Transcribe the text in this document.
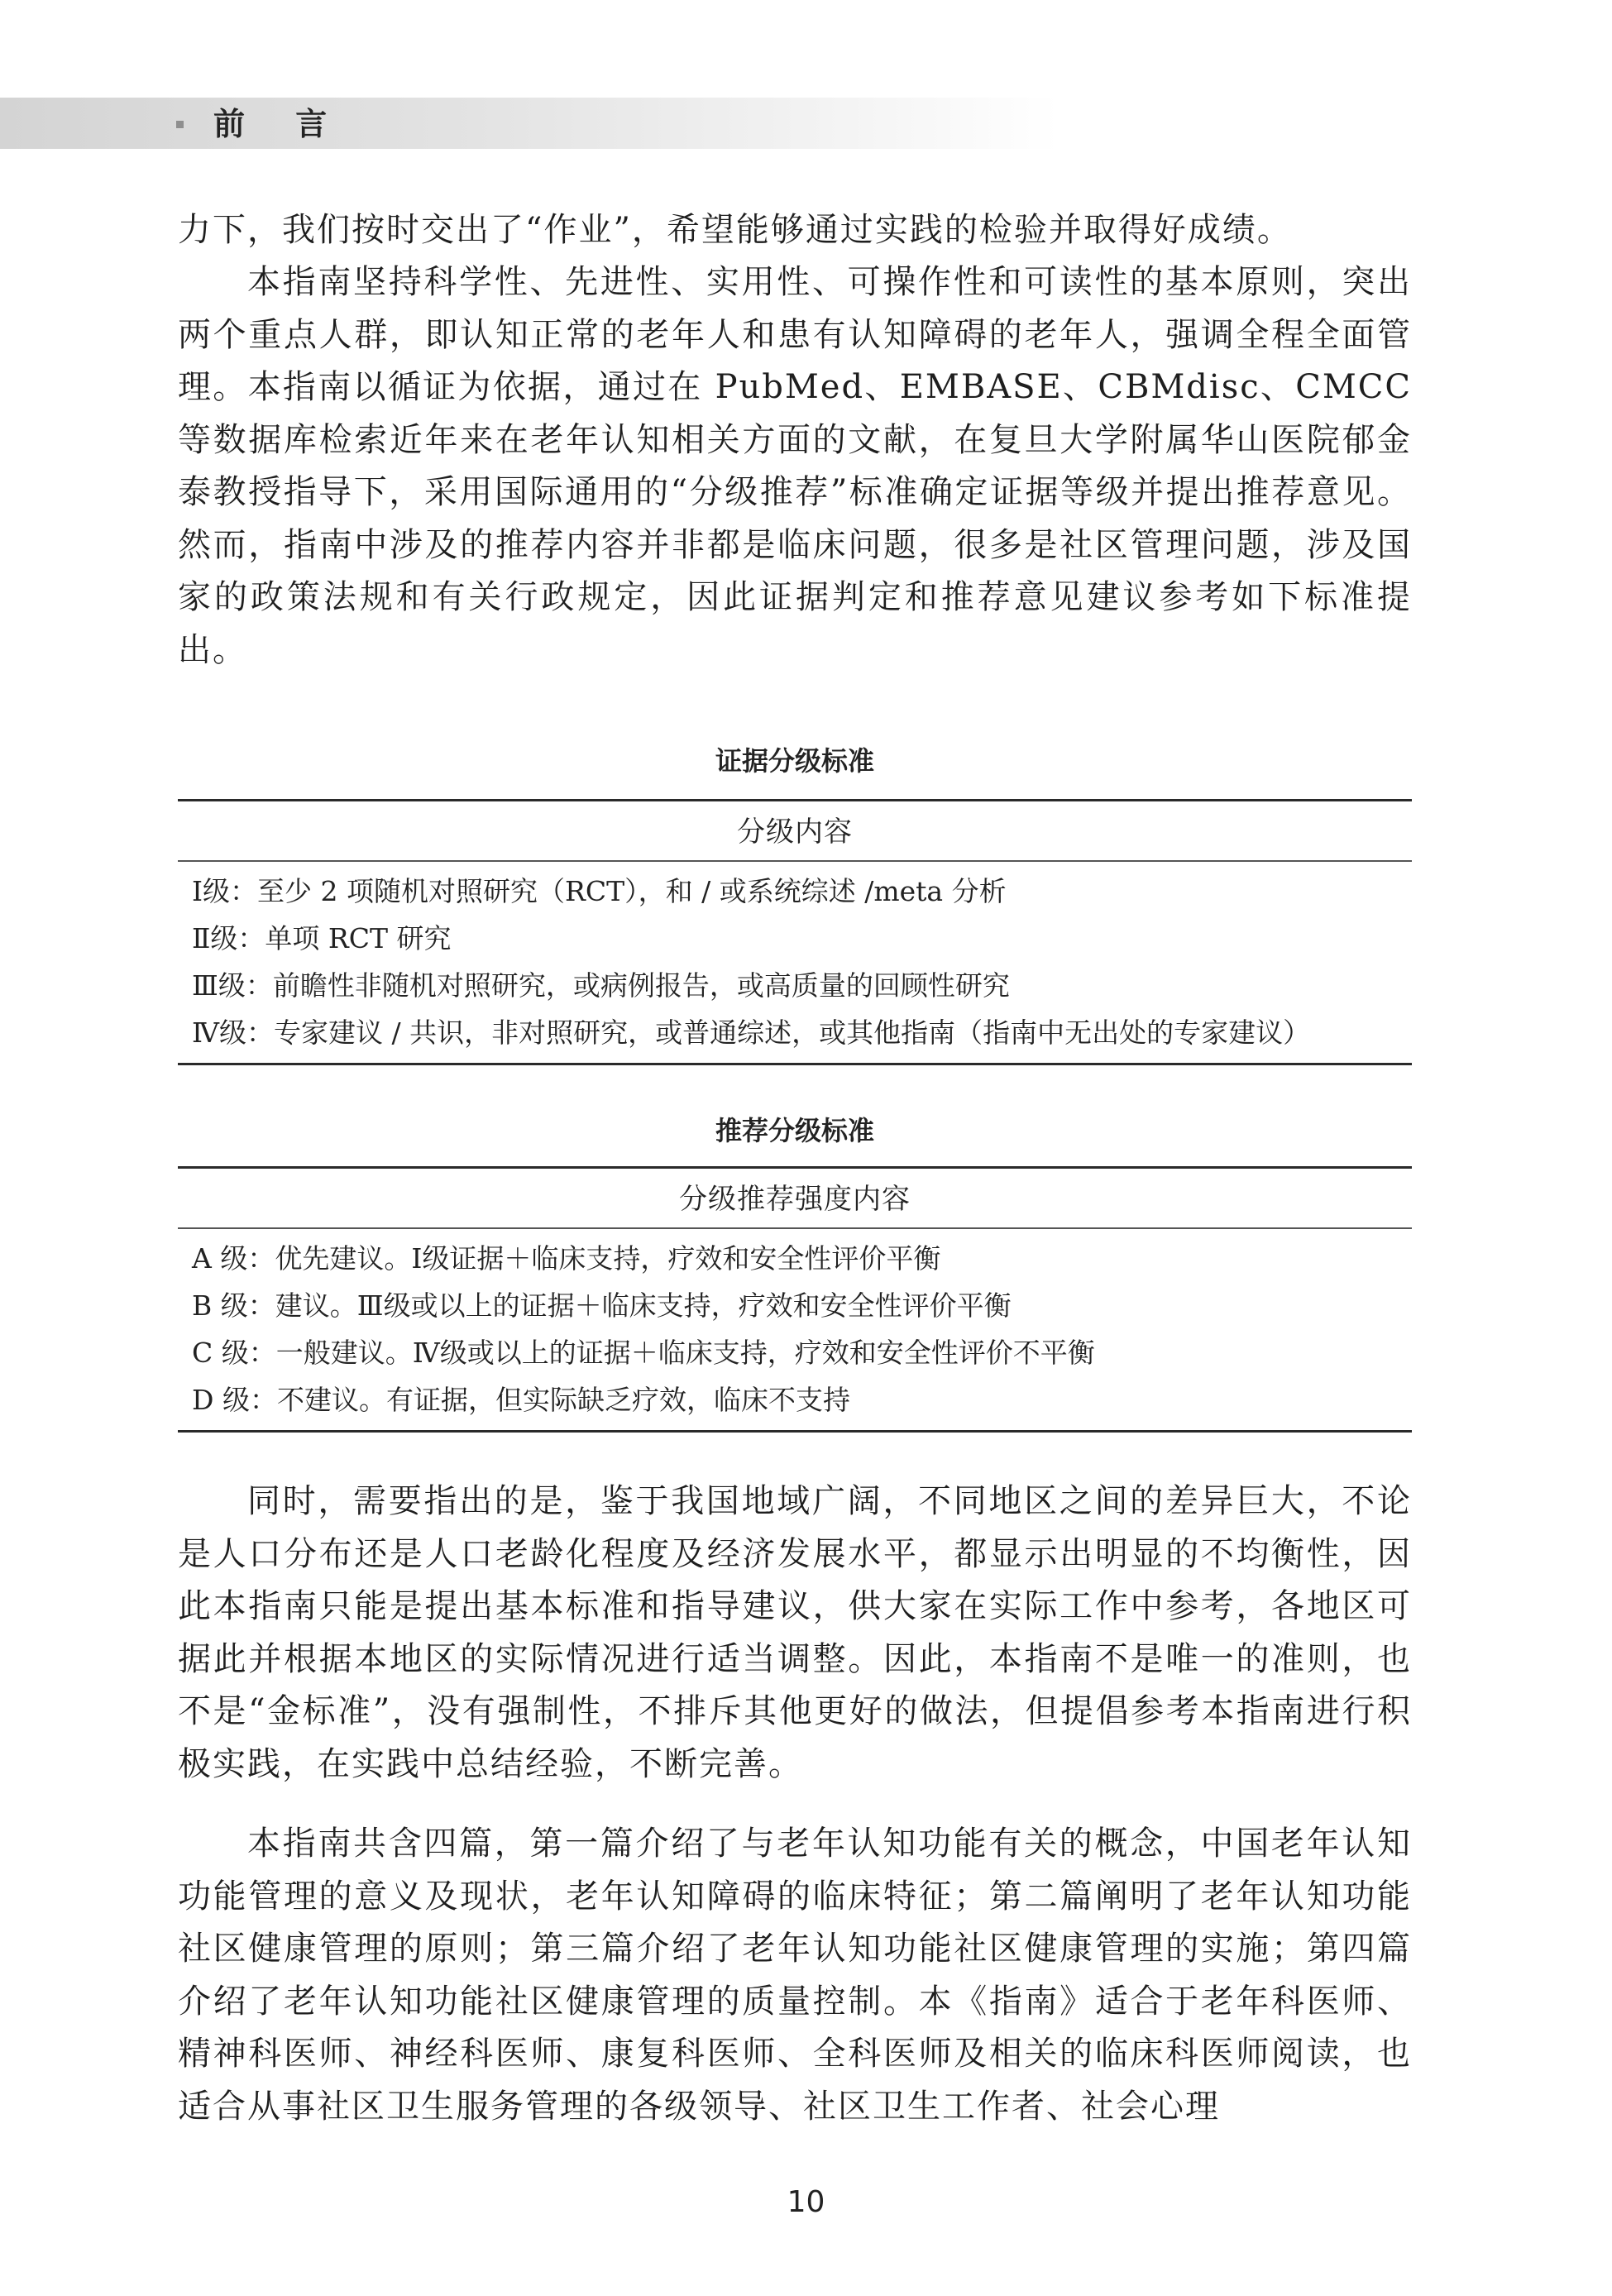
前 言

力下，我们按时交出了“作业”，希望能够通过实践的检验并取得好成绩。

本指南坚持科学性、先进性、实用性、可操作性和可读性的基本原则，突出两个重点人群，即认知正常的老年人和患有认知障碍的老年人，强调全程全面管理。本指南以循证为依据，通过在 PubMed、EMBASE、CBMdisc、CMCC 等数据库检索近年来在老年认知相关方面的文献，在复旦大学附属华山医院郁金泰教授指导下，采用国际通用的“分级推荐”标准确定证据等级并提出推荐意见。然而，指南中涉及的推荐内容并非都是临床问题，很多是社区管理问题，涉及国家的政策法规和有关行政规定，因此证据判定和推荐意见建议参考如下标准提出。

证据分级标准
分级内容
Ⅰ级：至少 2 项随机对照研究（RCT），和 / 或系统综述 /meta 分析
Ⅱ级：单项 RCT 研究
Ⅲ级：前瞻性非随机对照研究，或病例报告，或高质量的回顾性研究
Ⅳ级：专家建议 / 共识，非对照研究，或普通综述，或其他指南（指南中无出处的专家建议）
推荐分级标准
分级推荐强度内容
A 级：优先建议。Ⅰ级证据＋临床支持，疗效和安全性评价平衡
B 级：建议。Ⅲ级或以上的证据＋临床支持，疗效和安全性评价平衡
C 级：一般建议。Ⅳ级或以上的证据＋临床支持，疗效和安全性评价不平衡
D 级：不建议。有证据，但实际缺乏疗效，临床不支持

同时，需要指出的是，鉴于我国地域广阔，不同地区之间的差异巨大，不论是人口分布还是人口老龄化程度及经济发展水平，都显示出明显的不均衡性，因此本指南只能是提出基本标准和指导建议，供大家在实际工作中参考，各地区可据此并根据本地区的实际情况进行适当调整。因此，本指南不是唯一的准则，也不是“金标准”，没有强制性，不排斥其他更好的做法，但提倡参考本指南进行积极实践，在实践中总结经验，不断完善。

本指南共含四篇，第一篇介绍了与老年认知功能有关的概念，中国老年认知功能管理的意义及现状，老年认知障碍的临床特征；第二篇阐明了老年认知功能社区健康管理的原则；第三篇介绍了老年认知功能社区健康管理的实施；第四篇介绍了老年认知功能社区健康管理的质量控制。本《指南》适合于老年科医师、精神科医师、神经科医师、康复科医师、全科医师及相关的临床科医师阅读，也适合从事社区卫生服务管理的各级领导、社区卫生工作者、社会心理

10
